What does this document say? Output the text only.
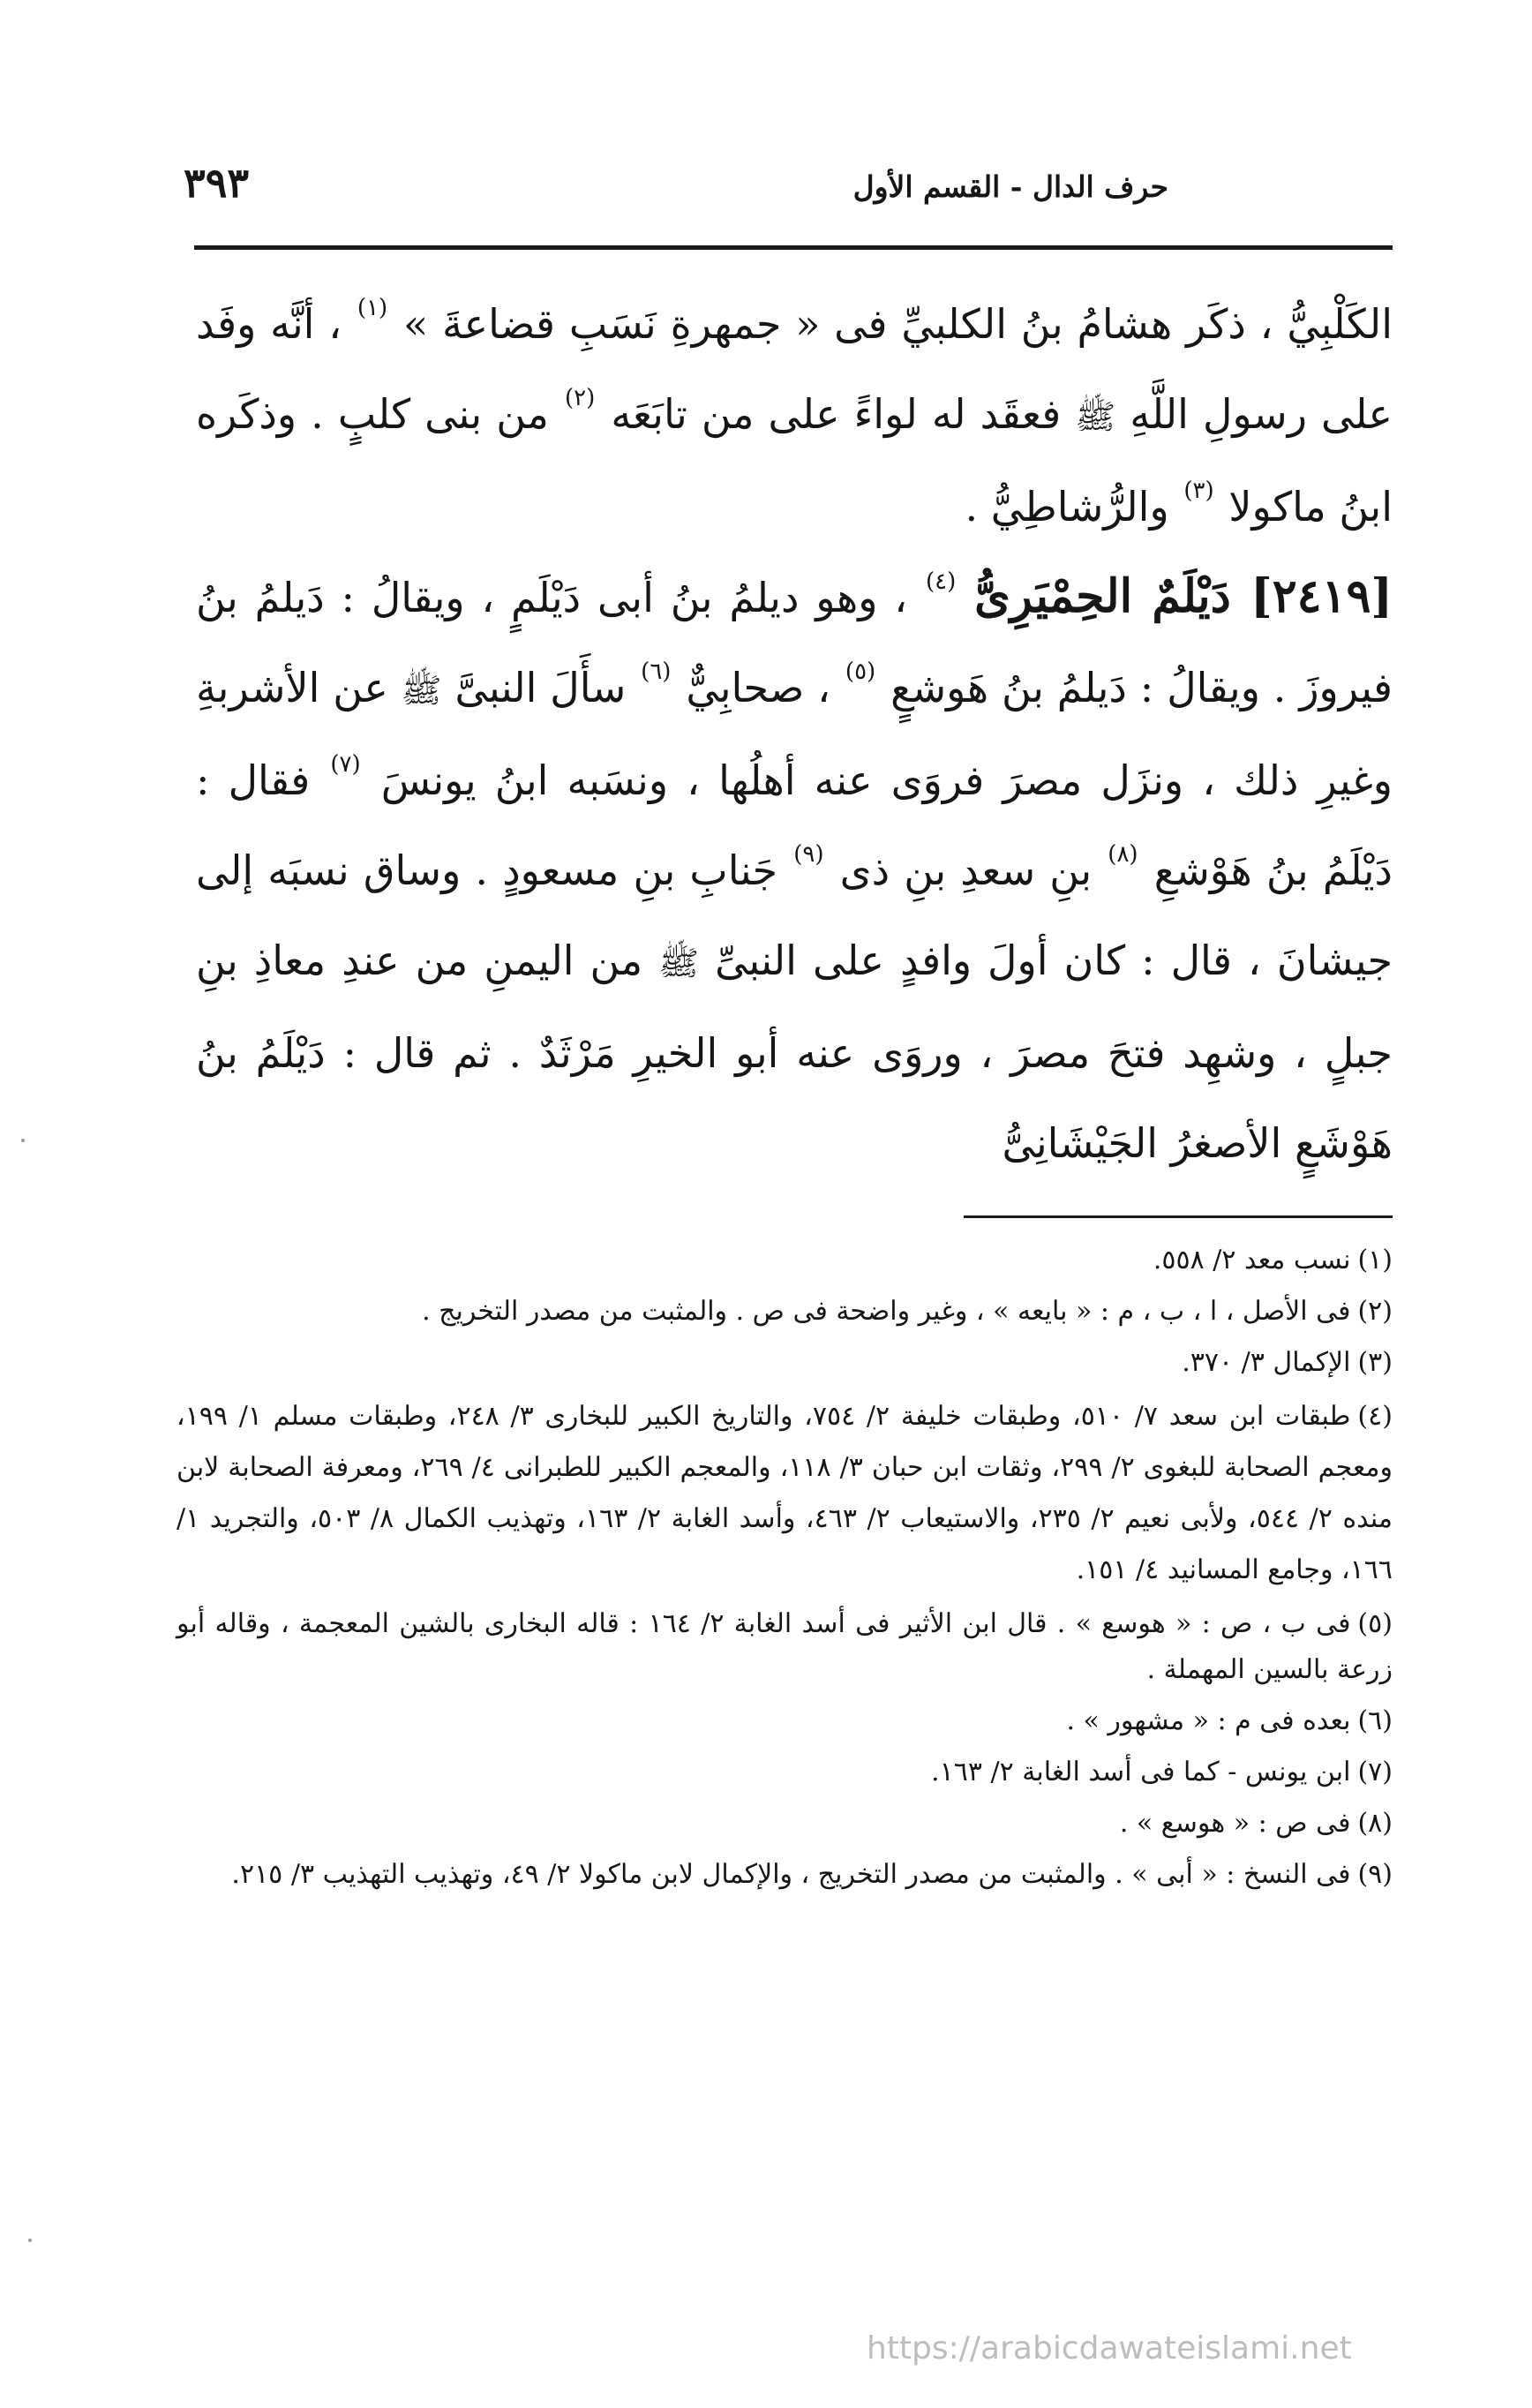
٣٩٣	حرف الدال - القسم الأول

الكَلْبِيُّ ، ذكَر هشامُ بنُ الكلبيِّ فى « جمهرةِ نَسَبِ قضاعةَ » $^{(١)}$ ، أنَّه وفَد على رسولِ اللَّهِ ﷺ فعقَد له لواءً على من تابَعَه $^{(٢)}$ من بنى كلبٍ . وذكَره ابنُ ماكولا $^{(٣)}$ والرُّشاطِيُّ .

[٢٤١٩] دَيْلَمٌ الحِمْيَرِىُّ $^{(٤)}$ ، وهو ديلمُ بنُ أبى دَيْلَمٍ ، ويقالُ : دَيلمُ بنُ فيروزَ . ويقالُ : دَيلمُ بنُ هَوشعٍ $^{(٥)}$ ، صحابِيٌّ $^{(٦)}$ سأَلَ النبىَّ ﷺ عن الأشربةِ وغيرِ ذلك ، ونزَل مصرَ فروَى عنه أهلُها ، ونسَبه ابنُ يونسَ $^{(٧)}$ فقال : دَيْلَمُ بنُ هَوْشعِ $^{(٨)}$ بنِ سعدِ بنِ ذى $^{(٩)}$ جَنابِ بنِ مسعودٍ . وساق نسبَه إلى جيشانَ ، قال : كان أولَ وافدٍ على النبىِّ ﷺ من اليمنِ من عندِ معاذِ بنِ جبلٍ ، وشهِد فتحَ مصرَ ، وروَى عنه أبو الخيرِ مَرْثَدٌ . ثم قال : دَيْلَمُ بنُ هَوْشَعٍ الأصغرُ الجَيْشَانِىُّ

(١)نسب معد ٢/ ٥٥٨.

(٢)فى الأصل ، ا ، ب ، م : « بايعه » ، وغير واضحة فى ص . والمثبت من مصدر التخريج .

(٣)الإكمال ٣/ ٣٧٠.

(٤)طبقات ابن سعد ٧/ ٥١٠، وطبقات خليفة ٢/ ٧٥٤، والتاريخ الكبير للبخارى ٣/ ٢٤٨، وطبقات مسلم ١/ ١٩٩، ومعجم الصحابة للبغوى ٢/ ٢٩٩، وثقات ابن حبان ٣/ ١١٨، والمعجم الكبير للطبرانى ٤/ ٢٦٩، ومعرفة الصحابة لابن منده ٢/ ٥٤٤، ولأبى نعيم ٢/ ٢٣٥، والاستيعاب ٢/ ٤٦٣، وأسد الغابة ٢/ ١٦٣، وتهذيب الكمال ٨/ ٥٠٣، والتجريد ١/ ١٦٦، وجامع المسانيد ٤/ ١٥١.

(٥)فى ب ، ص : « هوسع » . قال ابن الأثير فى أسد الغابة ٢/ ١٦٤ : قاله البخارى بالشين المعجمة ، وقاله أبو زرعة بالسين المهملة .

(٦)بعده فى م : « مشهور » .

(٧)ابن يونس - كما فى أسد الغابة ٢/ ١٦٣.

(٨)فى ص : « هوسع » .

(٩)فى النسخ : « أبى » . والمثبت من مصدر التخريج ، والإكمال لابن ماكولا ٢/ ٤٩، وتهذيب التهذيب ٣/ ٢١٥.

https://arabicdawateislami.net
